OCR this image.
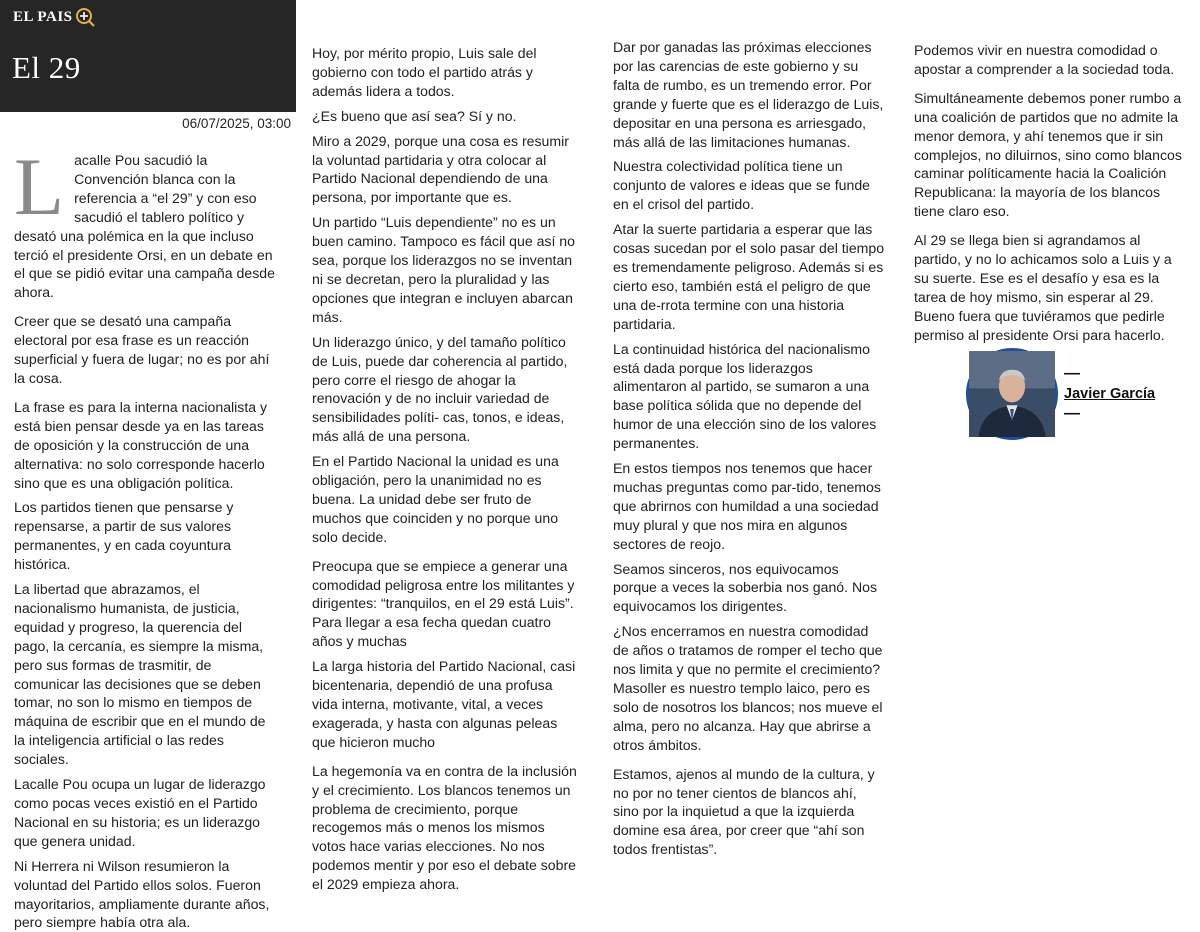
EL PAIS
El 29
06/07/2025, 03:00

Lacalle Pou sacudió la Convención blanca con la referencia a “el 29” y con eso sacudió el tablero político y desató una polémica en la que incluso terció el presidente Orsi, en un debate en el que se pidió evitar una campaña desde ahora.

Creer que se desató una campaña electoral por esa frase es un reacción superficial y fuera de lugar; no es por ahí la cosa.

La frase es para la interna nacionalista y está bien pensar desde ya en las tareas de oposición y la construcción de una alternativa: no solo corresponde hacerlo sino que es una obligación política.

Los partidos tienen que pensarse y repensarse, a partir de sus valores permanentes, y en cada coyuntura histórica.

La libertad que abrazamos, el nacionalismo humanista, de justicia, equidad y progreso, la querencia del pago, la cercanía, es siempre la misma, pero sus formas de trasmitir, de comunicar las decisiones que se deben tomar, no son lo mismo en tiempos de máquina de escribir que en el mundo de la inteligencia artificial o las redes sociales.

Lacalle Pou ocupa un lugar de liderazgo como pocas veces existió en el Partido Nacional en su historia; es un liderazgo que genera unidad.

Ni Herrera ni Wilson resumieron la voluntad del Partido ellos solos. Fueron mayoritarios, ampliamente durante años, pero siempre había otra ala.

Hoy, por mérito propio, Luis sale del gobierno con todo el partido atrás y además lidera a todos.

¿Es bueno que así sea? Sí y no.

Miro a 2029, porque una cosa es resumir la voluntad partidaria y otra colocar al Partido Nacional dependiendo de una persona, por importante que es.

Un partido “Luis dependiente” no es un buen camino. Tampoco es fácil que así no sea, porque los liderazgos no se inventan ni se decretan, pero la pluralidad y las opciones que integran e incluyen abarcan más.

Un liderazgo único, y del tamaño político de Luis, puede dar coherencia al partido, pero corre el riesgo de ahogar la renovación y de no incluir variedad de sensibilidades políti- cas, tonos, e ideas, más allá de una persona.

En el Partido Nacional la unidad es una obligación, pero la unanimidad no es buena. La unidad debe ser fruto de muchos que coinciden y no porque uno solo decide.

Preocupa que se empiece a generar una comodidad peligrosa entre los militantes y dirigentes: “tranquilos, en el 29 está Luis”. Para llegar a esa fecha quedan cuatro años y muchas

La larga historia del Partido Nacional, casi bicentenaria, dependió de una profusa vida interna, motivante, vital, a veces exagerada, y hasta con algunas peleas que hicieron mucho

La hegemonía va en contra de la inclusión y el crecimiento. Los blancos tenemos un problema de crecimiento, porque recogemos más o menos los mismos votos hace varias elecciones. No nos podemos mentir y por eso el debate sobre el 2029 empieza ahora.

Dar por ganadas las próximas elecciones por las carencias de este gobierno y su falta de rumbo, es un tremendo error. Por grande y fuerte que es el liderazgo de Luis, depositar en una persona es arriesgado, más allá de las limitaciones humanas.

Nuestra colectividad política tiene un conjunto de valores e ideas que se funde en el crisol del partido.

Atar la suerte partidaria a esperar que las cosas sucedan por el solo pasar del tiempo es tremendamente peligroso. Además si es cierto eso, también está el peligro de que una de-rrota termine con una historia partidaria.

La continuidad histórica del nacionalismo está dada porque los liderazgos alimentaron al partido, se sumaron a una base política sólida que no depende del humor de una elección sino de los valores permanentes.

En estos tiempos nos tenemos que hacer muchas preguntas como par-tido, tenemos que abrirnos con humildad a una sociedad muy plural y que nos mira en algunos sectores de reojo.

Seamos sinceros, nos equivocamos porque a veces la soberbia nos ganó. Nos equivocamos los dirigentes.

¿Nos encerramos en nuestra comodidad de años o tratamos de romper el techo que nos limita y que no permite el crecimiento? Masoller es nuestro templo laico, pero es solo de nosotros los blancos; nos mueve el alma, pero no alcanza. Hay que abrirse a otros ámbitos.

Estamos, ajenos al mundo de la cultura, y no por no tener cientos de blancos ahí, sino por la inquietud a que la izquierda domine esa área, por creer que “ahí son todos frentistas”.

Podemos vivir en nuestra comodidad o apostar a comprender a la sociedad toda.

Simultáneamente debemos poner rumbo a una coalición de partidos que no admite la menor demora, y ahí tenemos que ir sin complejos, no diluirnos, sino como blancos caminar políticamente hacia la Coalición Republicana: la mayoría de los blancos tiene claro eso.

Al 29 se llega bien si agrandamos al partido, y no lo achicamos solo a Luis y a su suerte. Ese es el desafío y esa es la tarea de hoy mismo, sin esperar al 29. Bueno fuera que tuviéramos que pedirle permiso al presidente Orsi para hacerlo.

—
Javier García
—
